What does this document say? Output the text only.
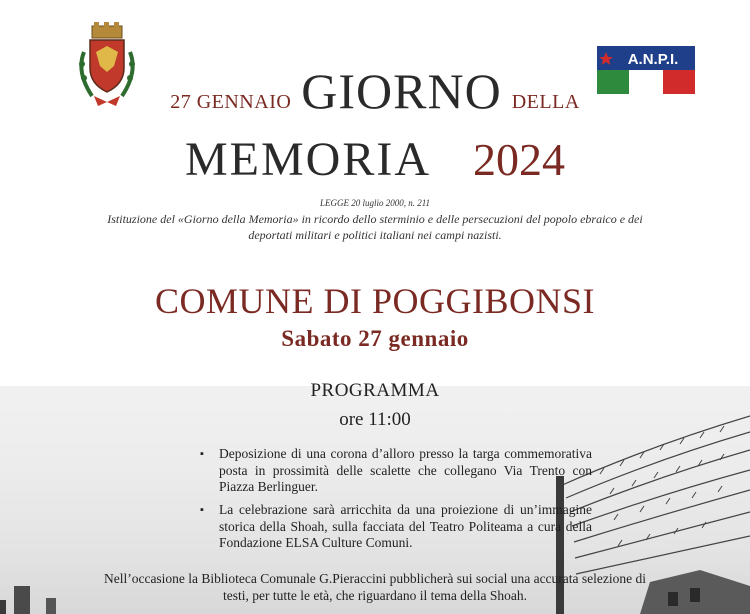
A.N.P.I.
27 GENNAIO GIORNO DELLA
MEMORIA 2024
LEGGE 20 luglio 2000, n. 211
Istituzione del «Giorno della Memoria» in ricordo dello sterminio e delle persecuzioni del popolo ebraico e dei deportati militari e politici italiani nei campi nazisti.
COMUNE DI POGGIBONSI
Sabato 27 gennaio
PROGRAMMA
ore 11:00
▪ Deposizione di una corona d’alloro presso la targa commemorativa posta in prossimità delle scalette che collegano Via Trento con Piazza Berlinguer.
▪ La celebrazione sarà arricchita da una proiezione di un’immagine storica della Shoah, sulla facciata del Teatro Politeama a cura della Fondazione ELSA Culture Comuni.
Nell’occasione la Biblioteca Comunale G.Pieraccini pubblicherà sui social una accurata selezione di testi, per tutte le età, che riguardano il tema della Shoah.
